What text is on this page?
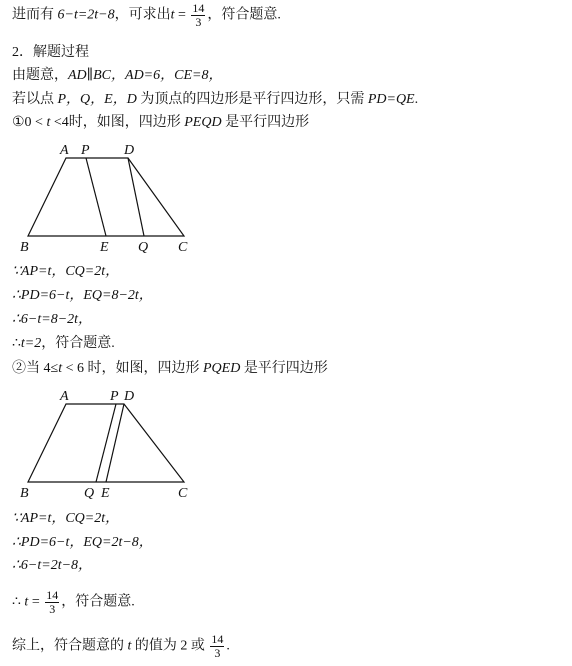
进而有 6−t=2t−8，可求出$t = \frac{14}{3}$ ，符合题意.
2．解题过程
由题意，AD∥BC，AD=6，CE=8，
若以点 P，Q，E，D 为顶点的四边形是平行四边形，只需 PD=QE.
①0 < t <4时，如图，四边形 PEQD 是平行四边形
A P D
B	E Q C
∵AP=t，CQ=2t，
∴PD=6−t，EQ=8−2t，
∴6−t=8−2t，
∴t=2，符合题意.
②当 4≤t < 6 时，如图，四边形 PQED 是平行四边形
A	P D
B	Q E	C
∵AP=t，CQ=2t，
∴PD=6−t，EQ=2t−8，
∴6−t=2t−8，
∴ $t = \frac{14}{3}$ ，符合题意.
综上，符合题意的 t 的值为 2 或 $\frac{14}{3}$ .
